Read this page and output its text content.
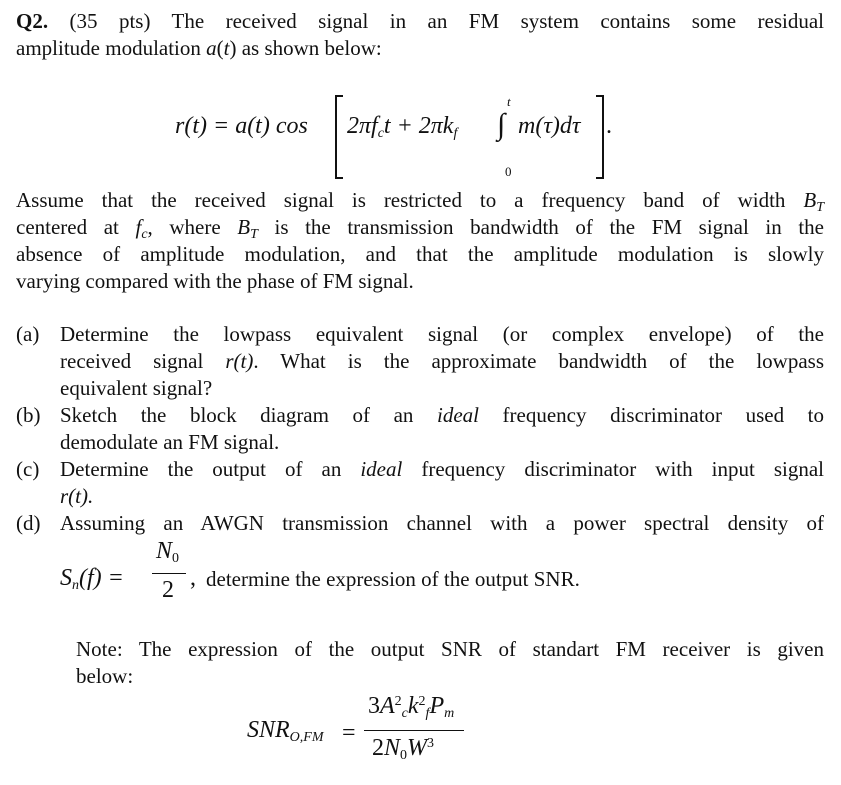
Q2. (35 pts) The received signal in an FM system contains some residual
amplitude modulation a(t) as shown below:
r(t) = a(t) $\cos 2\pi f_ct + 2\pi k_f$
t
∫
0
m(τ)dτ .
Assume that the received signal is restricted to a frequency band of width $B_T$
centered at $f_c$, where $B_T$ is the transmission bandwidth of the FM signal in the
absence of amplitude modulation, and that the amplitude modulation is slowly
varying compared with the phase of FM signal.
(a) Determine the lowpass equivalent signal (or complex envelope) of the
received signal r(t). What is the approximate bandwidth of the lowpass
equivalent signal?
(b) Sketch the block diagram of an ideal frequency discriminator used to
demodulate an FM signal.
(c) Determine the output of an ideal frequency discriminator with input signal
r(t).
(d) Assuming an AWGN transmission channel with a power spectral density of
$S_n(f)$ =
$N_0$
2 , determine the expression of the output SNR.
Note: The expression of the output SNR of standart FM receiver is given
below:
$SNR_{O,FM}$ =
$3A^2_ck^2_fP_m$
$2N_0W^3$
